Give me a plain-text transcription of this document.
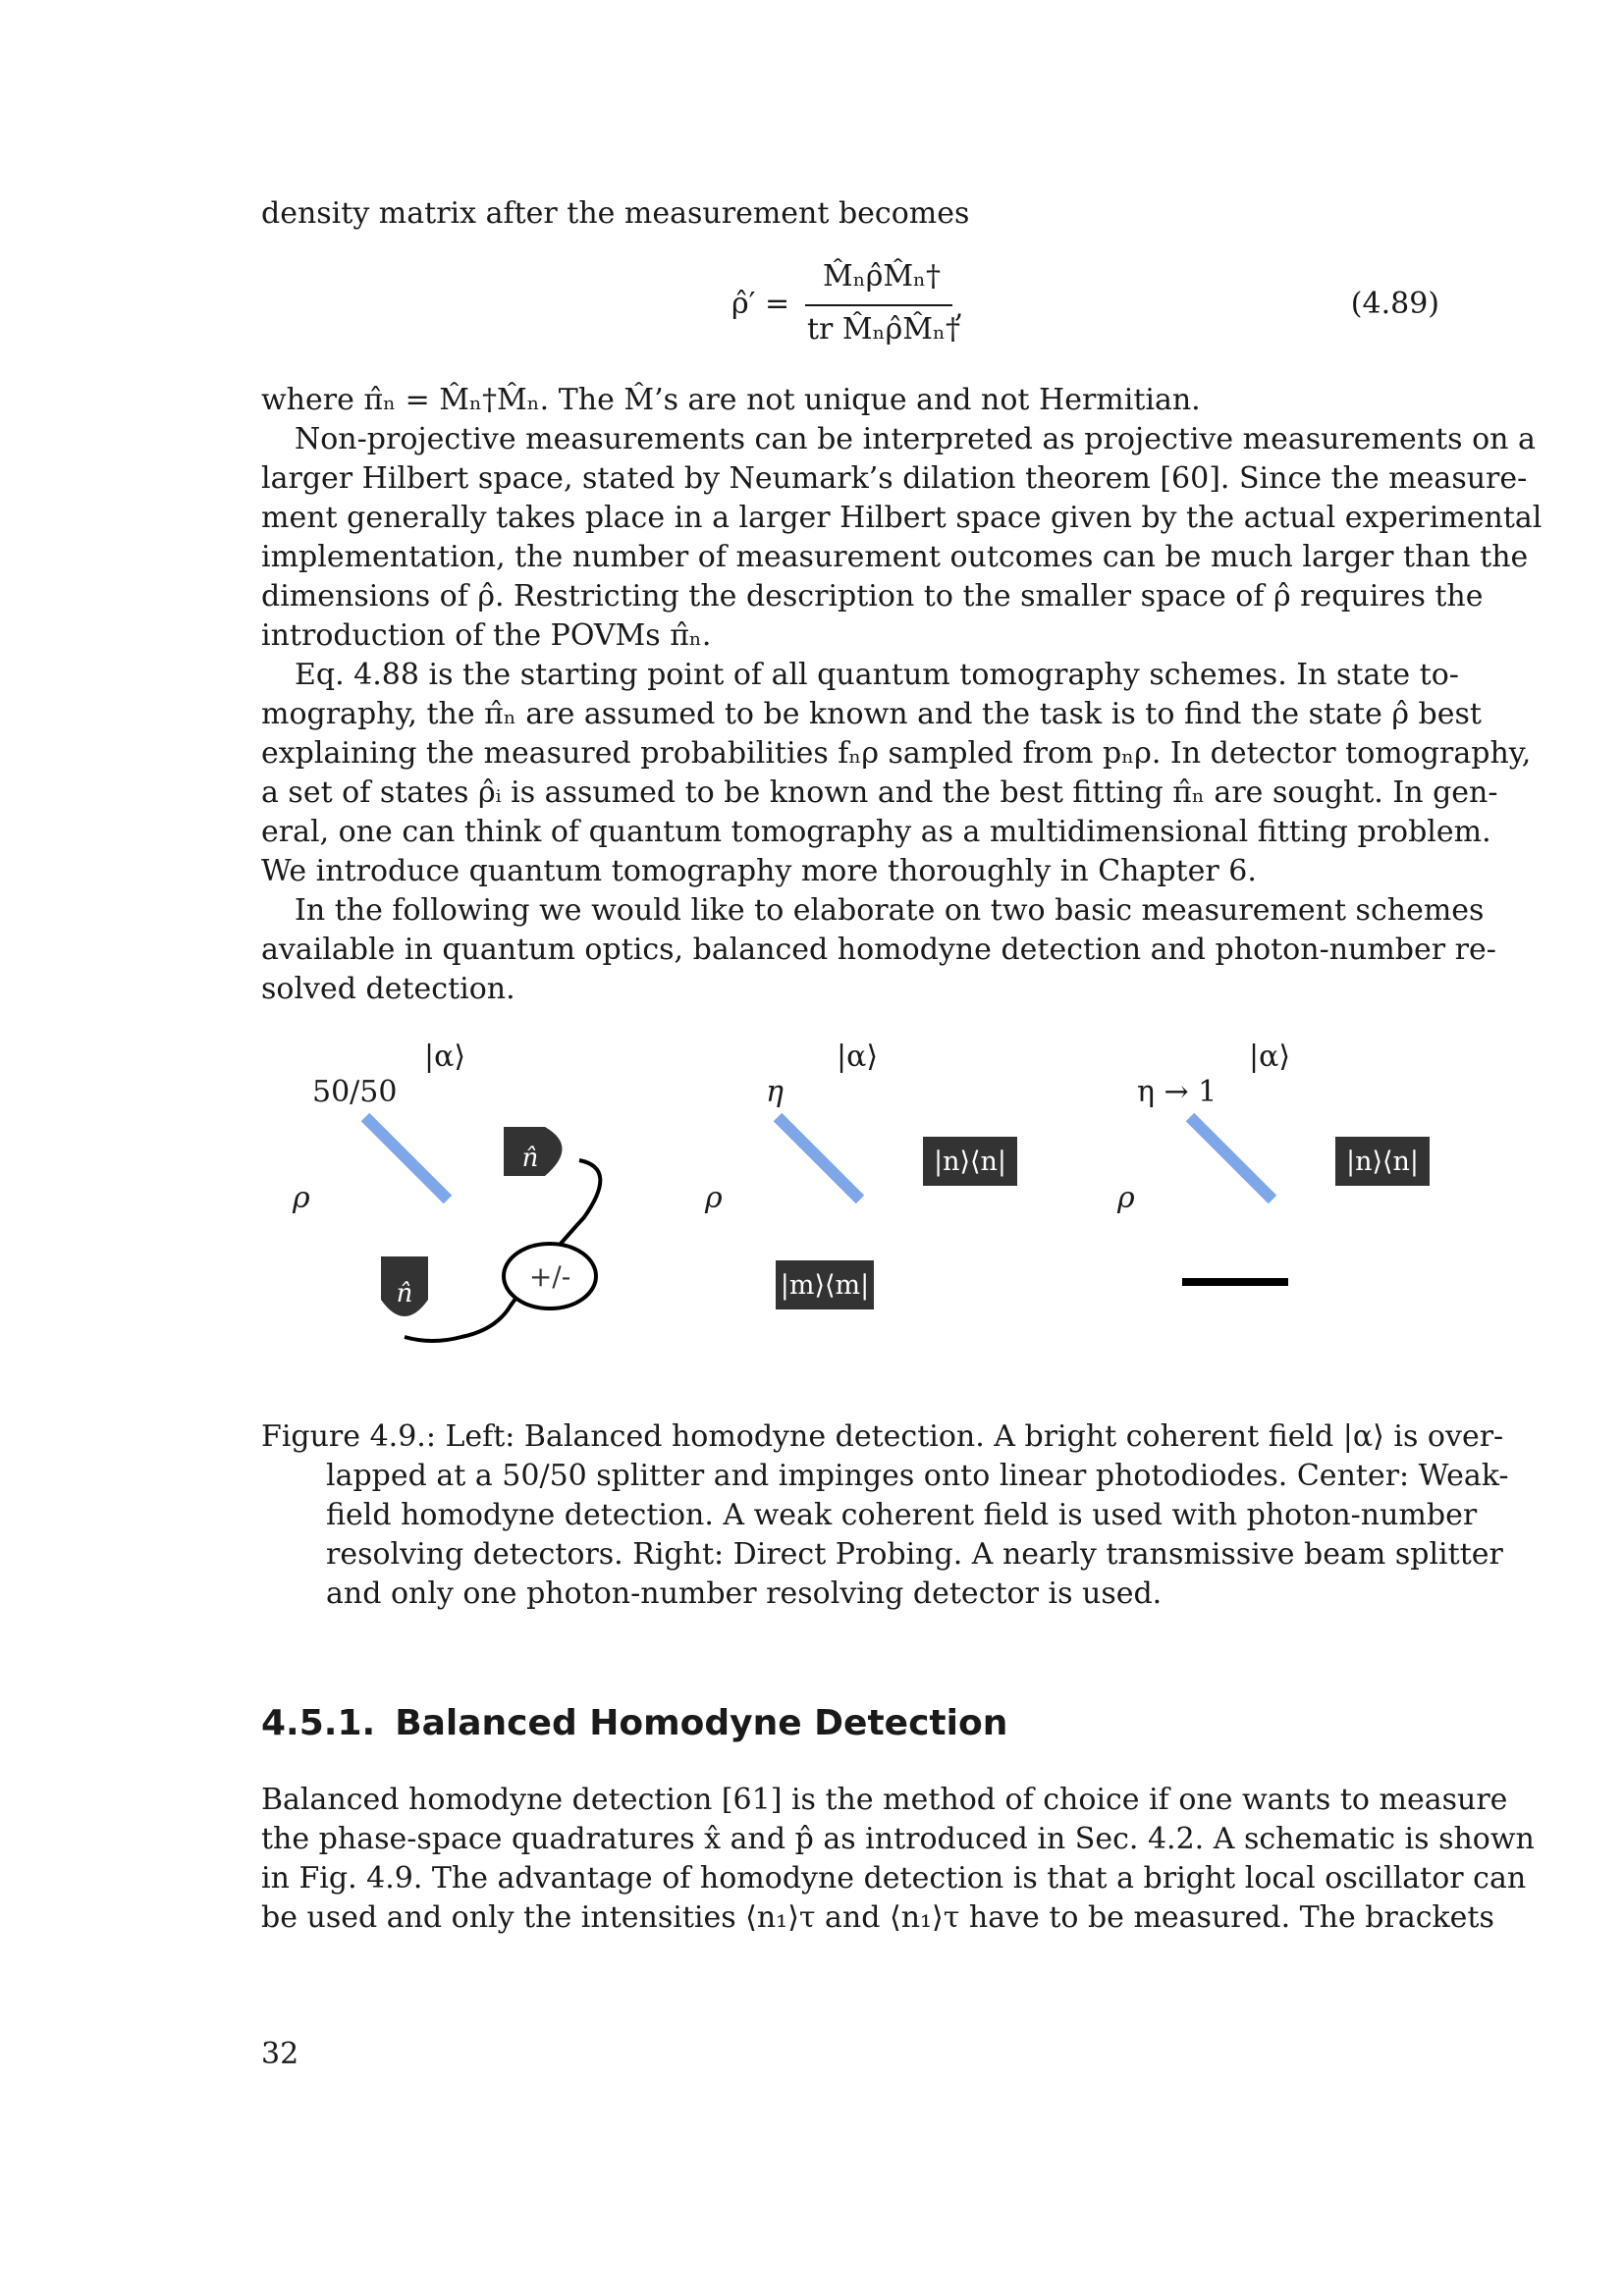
density matrix after the measurement becomes
ρ̂′ =
M̂ₙρ̂M̂ₙ†
tr M̂ₙρ̂M̂ₙ†
,	(4.89)
where π̂ₙ = M̂ₙ†M̂ₙ. The M̂’s are not unique and not Hermitian.
Non-projective measurements can be interpreted as projective measurements on a
larger Hilbert space, stated by Neumark’s dilation theorem [60]. Since the measure-
ment generally takes place in a larger Hilbert space given by the actual experimental
implementation, the number of measurement outcomes can be much larger than the
dimensions of ρ̂. Restricting the description to the smaller space of ρ̂ requires the
introduction of the POVMs π̂ₙ.
Eq. 4.88 is the starting point of all quantum tomography schemes. In state to-
mography, the π̂ₙ are assumed to be known and the task is to find the state ρ̂ best
explaining the measured probabilities fₙρ sampled from pₙρ. In detector tomography,
a set of states ρ̂ᵢ is assumed to be known and the best fitting π̂ₙ are sought. In gen-
eral, one can think of quantum tomography as a multidimensional fitting problem.
We introduce quantum tomography more thoroughly in Chapter 6.
In the following we would like to elaborate on two basic measurement schemes
available in quantum optics, balanced homodyne detection and photon-number re-
solved detection.
|α⟩
50/50
ρ
n̂
n̂
+/-
|α⟩
η
ρ
|n⟩⟨n|
|m⟩⟨m|
|α⟩
η → 1
ρ
|n⟩⟨n|
Figure 4.9.: Left: Balanced homodyne detection. A bright coherent field |α⟩ is over-
lapped at a 50/50 splitter and impinges onto linear photodiodes. Center: Weak-
field homodyne detection. A weak coherent field is used with photon-number
resolving detectors. Right: Direct Probing. A nearly transmissive beam splitter
and only one photon-number resolving detector is used.
4.5.1. Balanced Homodyne Detection
Balanced homodyne detection [61] is the method of choice if one wants to measure
the phase-space quadratures x̂ and p̂ as introduced in Sec. 4.2. A schematic is shown
in Fig. 4.9. The advantage of homodyne detection is that a bright local oscillator can
be used and only the intensities ⟨n₁⟩τ and ⟨n₁⟩τ have to be measured. The brackets
32
